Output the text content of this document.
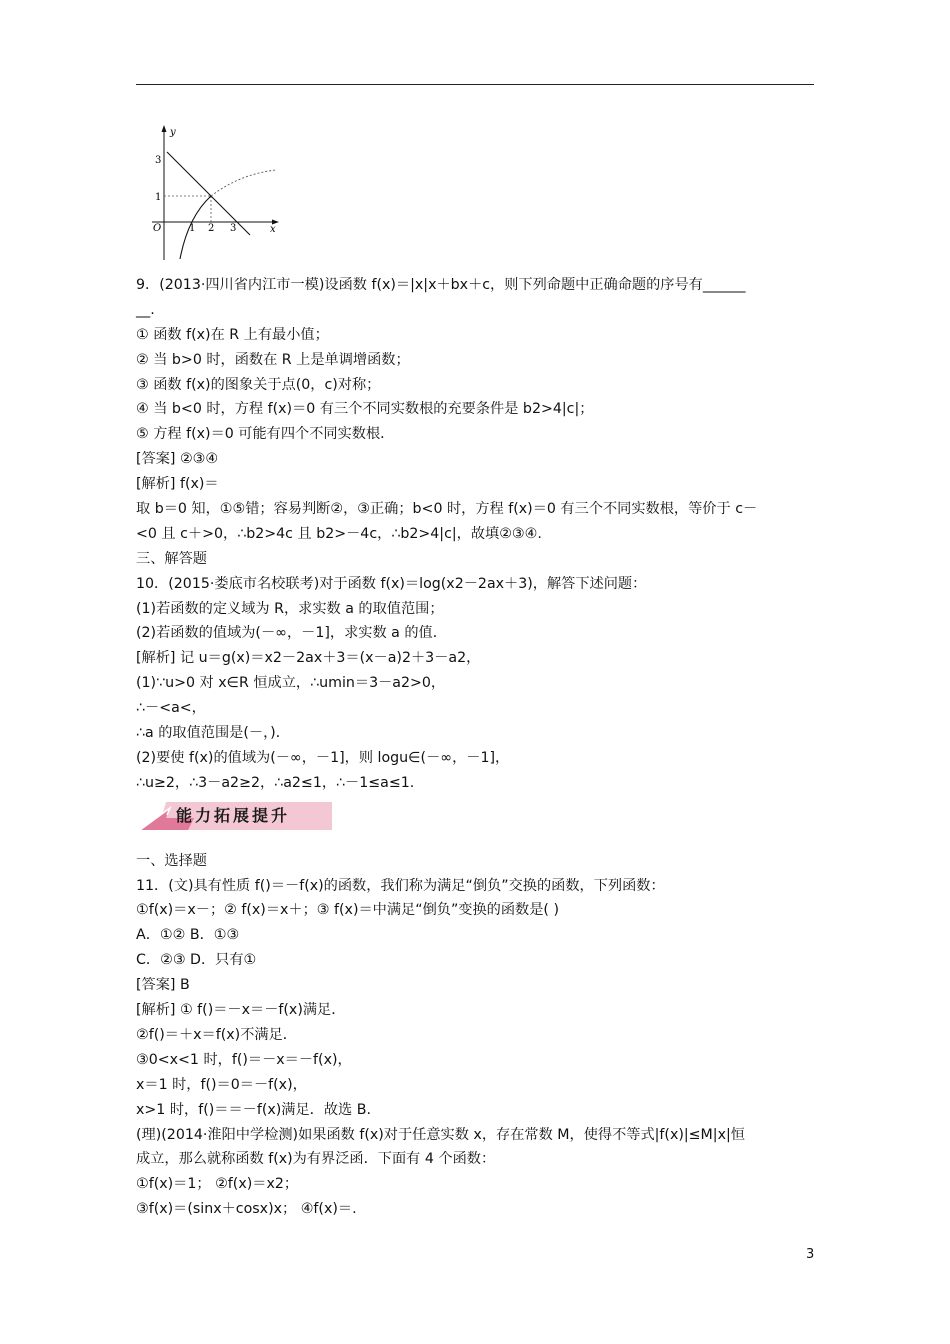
y
x
O
3
1
1 2 3
9．(2013·四川省内江市一模)设函数 f(x)＝|x|x＋bx＋c，则下列命题中正确命题的序号有______
__.
① 函数 f(x)在 R 上有最小值；
② 当 b>0 时，函数在 R 上是单调增函数；
③ 函数 f(x)的图象关于点(0，c)对称；
④ 当 b<0 时，方程 f(x)＝0 有三个不同实数根的充要条件是 b2>4|c|；
⑤ 方程 f(x)＝0 可能有四个不同实数根．
[答案] ②③④
[解析] f(x)＝
取 b＝0 知，①⑤错；容易判断②，③正确；b<0 时，方程 f(x)＝0 有三个不同实数根，等价于 c－
<0 且 c＋>0，∴b2>4c 且 b2>－4c，∴b2>4|c|，故填②③④.
三、解答题
10．(2015·娄底市名校联考)对于函数 f(x)＝log(x2－2ax＋3)，解答下述问题：
(1)若函数的定义域为 R，求实数 a 的取值范围；
(2)若函数的值域为(－∞，－1]，求实数 a 的值．
[解析] 记 u＝g(x)＝x2－2ax＋3＝(x－a)2＋3－a2，
(1)∵u>0 对 x∈R 恒成立，∴umin＝3－a2>0，
∴－<a<，
∴a 的取值范围是(－，)．
(2)要使 f(x)的值域为(－∞，－1]，则 logu∈(－∞，－1]，
∴u≥2，∴3－a2≥2，∴a2≤1，∴－1≤a≤1.
能力拓展提升
一、选择题
11．(文)具有性质 f()＝－f(x)的函数，我们称为满足“倒负”交换的函数，下列函数：
①f(x)＝x－；② f(x)＝x＋；③ f(x)＝中满足“倒负”变换的函数是( )
A．①② B．①③
C．②③ D．只有①
[答案] B
[解析] ① f()＝－x＝－f(x)满足．
②f()＝＋x＝f(x)不满足．
③0<x<1 时，f()＝－x＝－f(x)，
x＝1 时，f()＝0＝－f(x)，
x>1 时，f()＝＝－f(x)满足．故选 B.
(理)(2014·淮阳中学检测)如果函数 f(x)对于任意实数 x，存在常数 M，使得不等式|f(x)|≤M|x|恒
成立，那么就称函数 f(x)为有界泛函．下面有 4 个函数：
①f(x)＝1； ②f(x)＝x2；
③f(x)＝(sinx＋cosx)x； ④f(x)＝.
3
